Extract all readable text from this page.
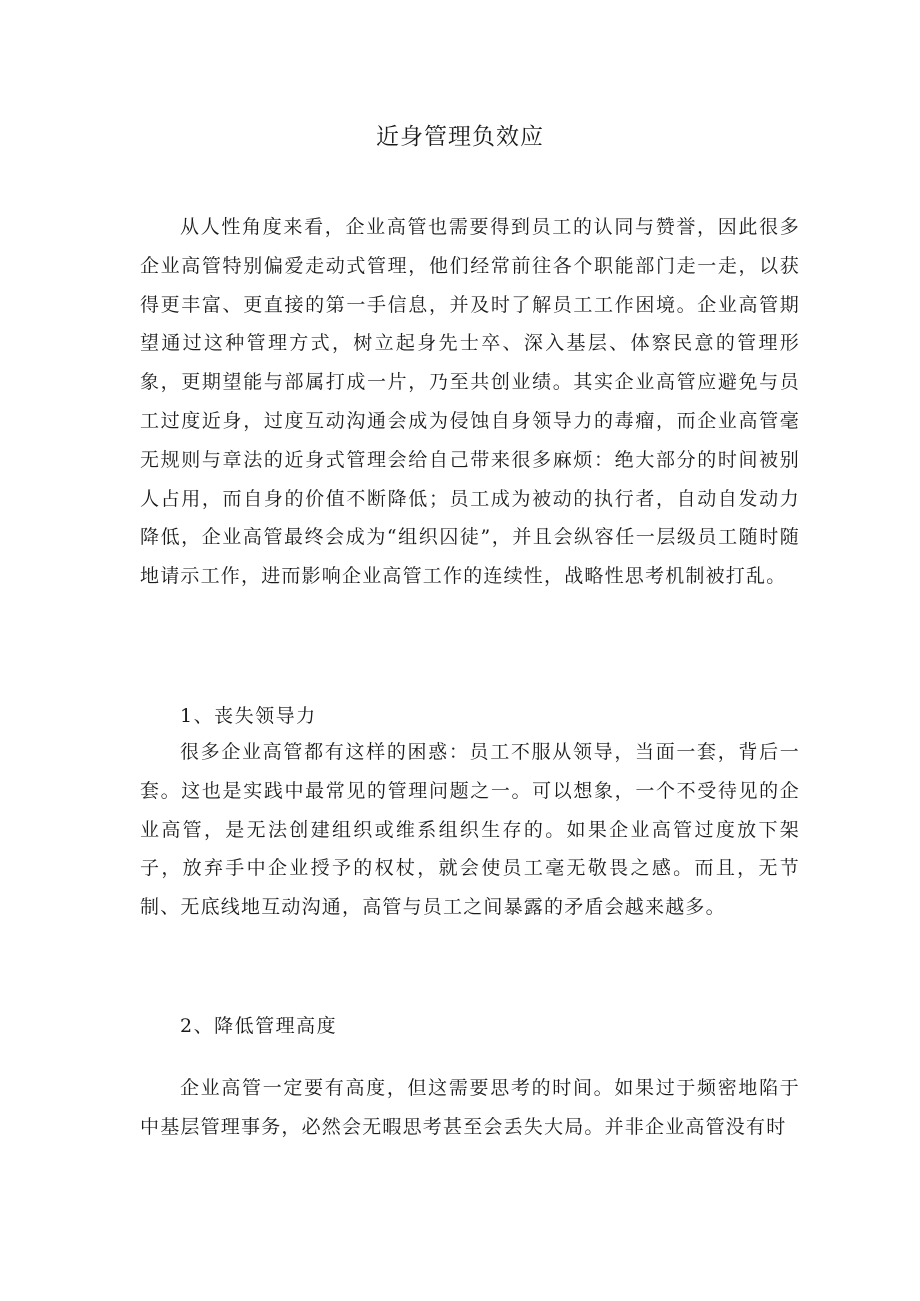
近身管理负效应

从人性角度来看，企业高管也需要得到员工的认同与赞誉，因此很多企业高管特别偏爱走动式管理，他们经常前往各个职能部门走一走，以获得更丰富、更直接的第一手信息，并及时了解员工工作困境。企业高管期望通过这种管理方式，树立起身先士卒、深入基层、体察民意的管理形象，更期望能与部属打成一片，乃至共创业绩。其实企业高管应避免与员工过度近身，过度互动沟通会成为侵蚀自身领导力的毒瘤，而企业高管毫无规则与章法的近身式管理会给自己带来很多麻烦：绝大部分的时间被别人占用，而自身的价值不断降低；员工成为被动的执行者，自动自发动力降低，企业高管最终会成为“组织囚徒”，并且会纵容任一层级员工随时随地请示工作，进而影响企业高管工作的连续性，战略性思考机制被打乱。

1、丧失领导力

很多企业高管都有这样的困惑：员工不服从领导，当面一套，背后一套。这也是实践中最常见的管理问题之一。可以想象，一个不受待见的企业高管，是无法创建组织或维系组织生存的。如果企业高管过度放下架子，放弃手中企业授予的权杖，就会使员工毫无敬畏之感。而且，无节制、无底线地互动沟通，高管与员工之间暴露的矛盾会越来越多。

2、降低管理高度

企业高管一定要有高度，但这需要思考的时间。如果过于频密地陷于中基层管理事务，必然会无暇思考甚至会丢失大局。并非企业高管没有时
